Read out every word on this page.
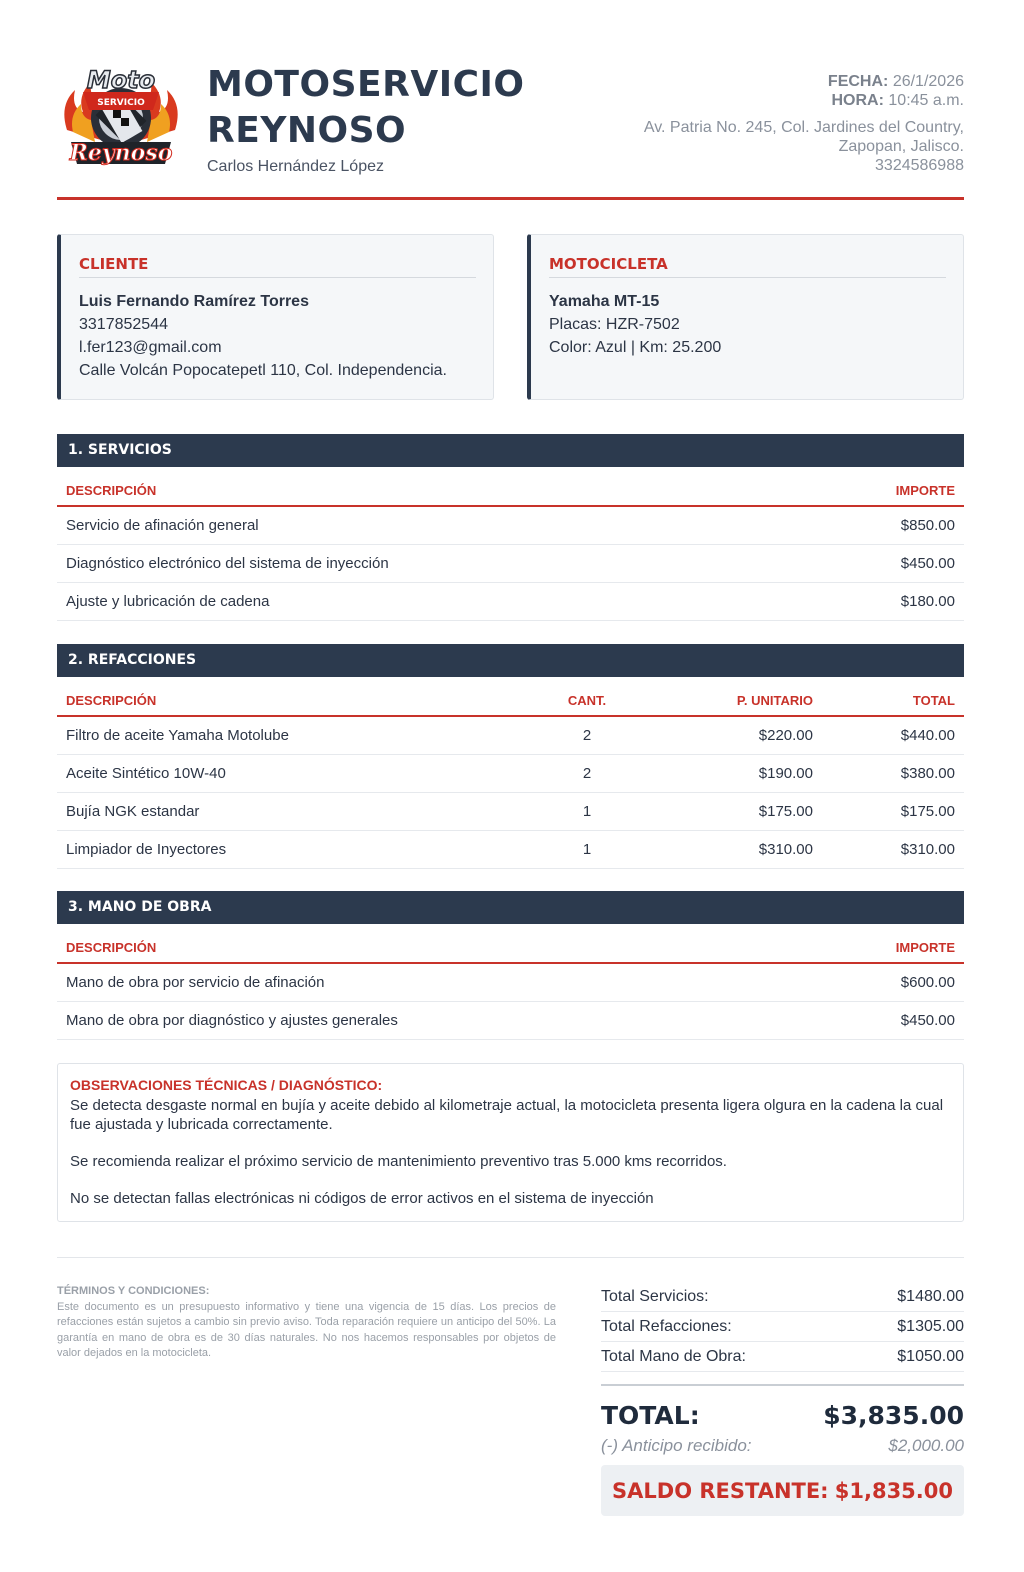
Moto
SERVICIO
Reynoso
MOTOSERVICIO
REYNOSO
Carlos Hernández López
FECHA: 26/1/2026
HORA: 10:45 a.m.
Av. Patria No. 245, Col. Jardines del Country,
Zapopan, Jalisco.
3324586988
CLIENTE
Luis Fernando Ramírez Torres
3317852544
l.fer123@gmail.com
Calle Volcán Popocatepetl 110, Col. Independencia.
MOTOCICLETA
Yamaha MT-15
Placas: HZR-7502
Color: Azul | Km: 25.200
1. SERVICIOS
DESCRIPCIÓN	IMPORTE
Servicio de afinación general	$850.00
Diagnóstico electrónico del sistema de inyección	$450.00
Ajuste y lubricación de cadena	$180.00
2. REFACCIONES
DESCRIPCIÓN	CANT.	P. UNITARIO	TOTAL
Filtro de aceite Yamaha Motolube	2	$220.00	$440.00
Aceite Sintético 10W-40	2	$190.00	$380.00
Bujía NGK estandar	1	$175.00	$175.00
Limpiador de Inyectores	1	$310.00	$310.00
3. MANO DE OBRA
DESCRIPCIÓN	IMPORTE
Mano de obra por servicio de afinación	$600.00
Mano de obra por diagnóstico y ajustes generales	$450.00
OBSERVACIONES TÉCNICAS / DIAGNÓSTICO:

Se detecta desgaste normal en bujía y aceite debido al kilometraje actual, la motocicleta presenta ligera olgura en la cadena la cual fue ajustada y lubricada correctamente.

Se recomienda realizar el próximo servicio de mantenimiento preventivo tras 5.000 kms recorridos.

No se detectan fallas electrónicas ni códigos de error activos en el sistema de inyección

TÉRMINOS Y CONDICIONES:
Este documento es un presupuesto informativo y tiene una vigencia de 15 días. Los precios de refacciones están sujetos a cambio sin previo aviso. Toda reparación requiere un anticipo del 50%. La garantía en mano de obra es de 30 días naturales. No nos hacemos responsables por objetos de valor dejados en la motocicleta.
Total Servicios:	$1480.00
Total Refacciones:	$1305.00
Total Mano de Obra:	$1050.00
TOTAL:	$3,835.00
(-) Anticipo recibido:	$2,000.00
SALDO RESTANTE: $1,835.00
